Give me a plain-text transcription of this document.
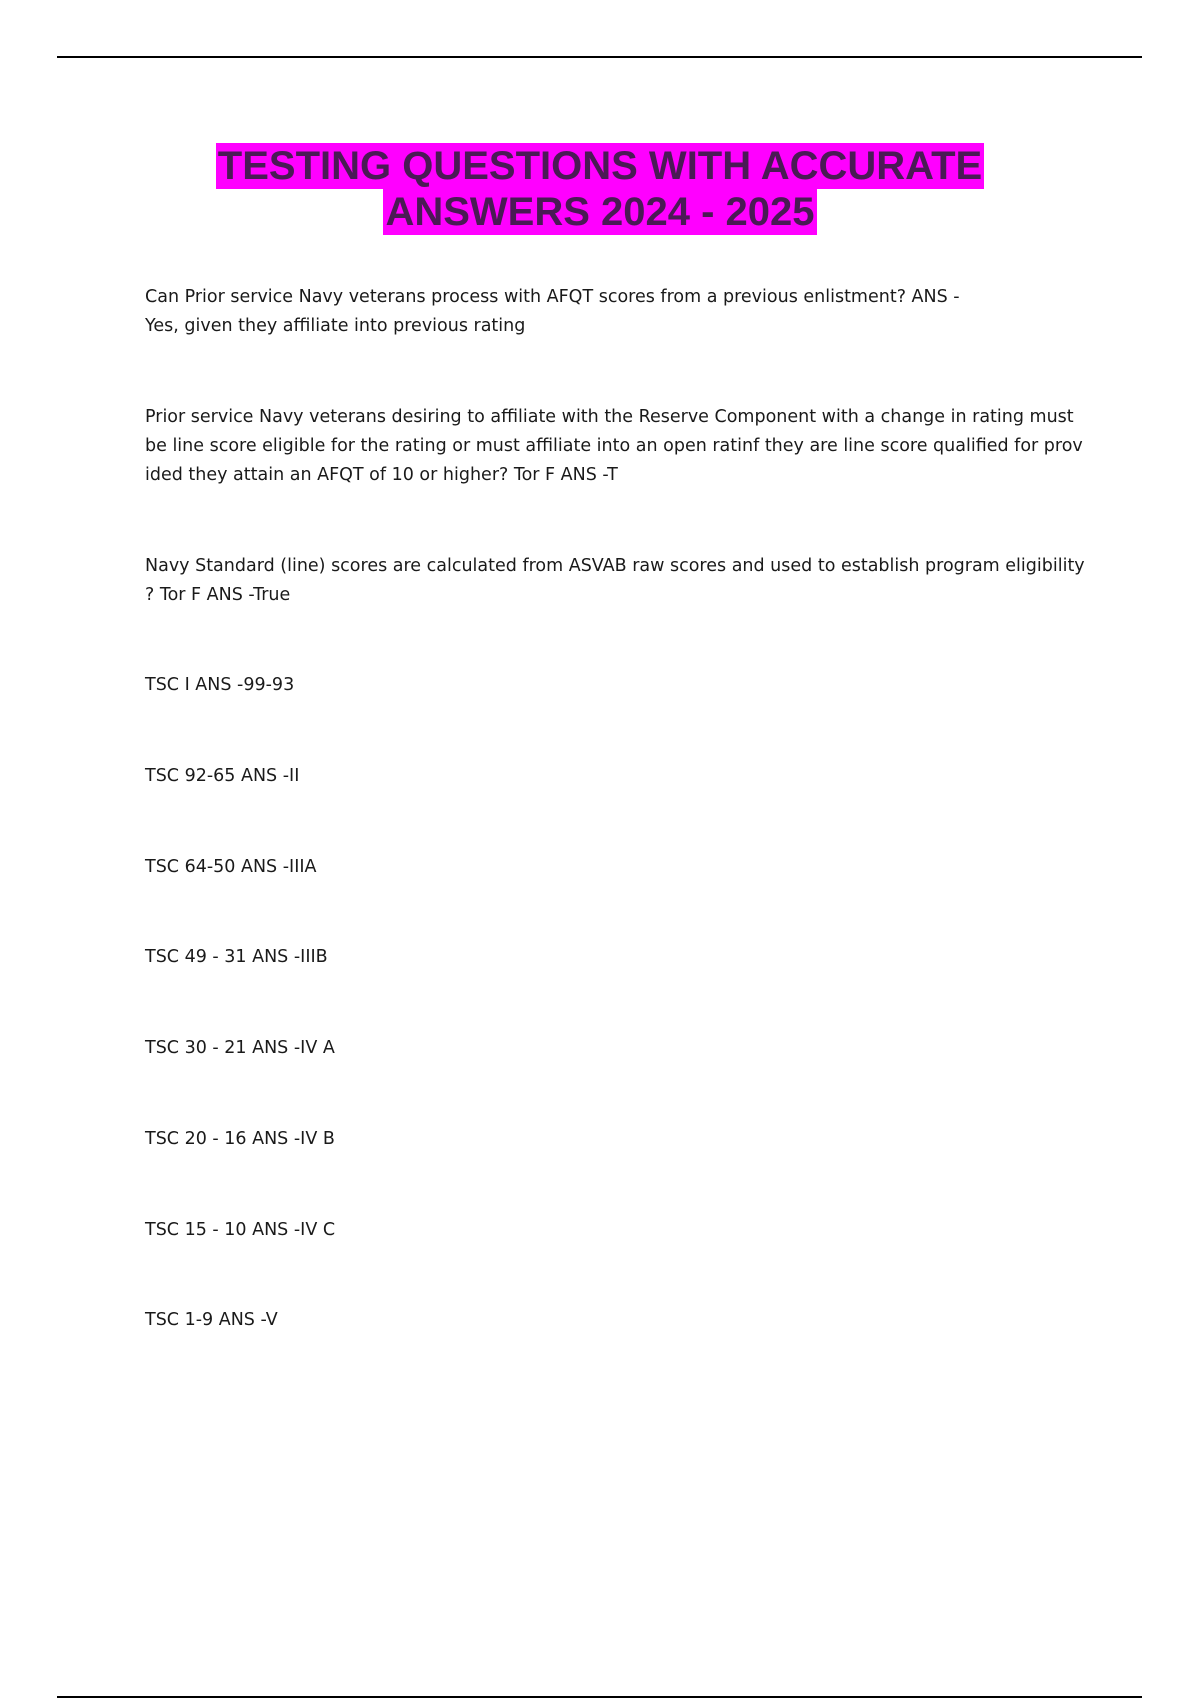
TESTING QUESTIONS WITH ACCURATE
ANSWERS 2024 - 2025

Can Prior service Navy veterans process with AFQT scores from a previous enlistment? ANS -
Yes, given they affiliate into previous rating

Prior service Navy veterans desiring to affiliate with the Reserve Component with a change in rating must
be line score eligible for the rating or must affiliate into an open ratinf they are line score qualified for prov
ided they attain an AFQT of 10 or higher? Tor F ANS -T

Navy Standard (line) scores are calculated from ASVAB raw scores and used to establish program eligibility
? Tor F ANS -True

TSC I ANS -99-93

TSC 92-65 ANS -II

TSC 64-50 ANS -IIIA

TSC 49 - 31 ANS -IIIB

TSC 30 - 21 ANS -IV A

TSC 20 - 16 ANS -IV B

TSC 15 - 10 ANS -IV C

TSC 1-9 ANS -V
